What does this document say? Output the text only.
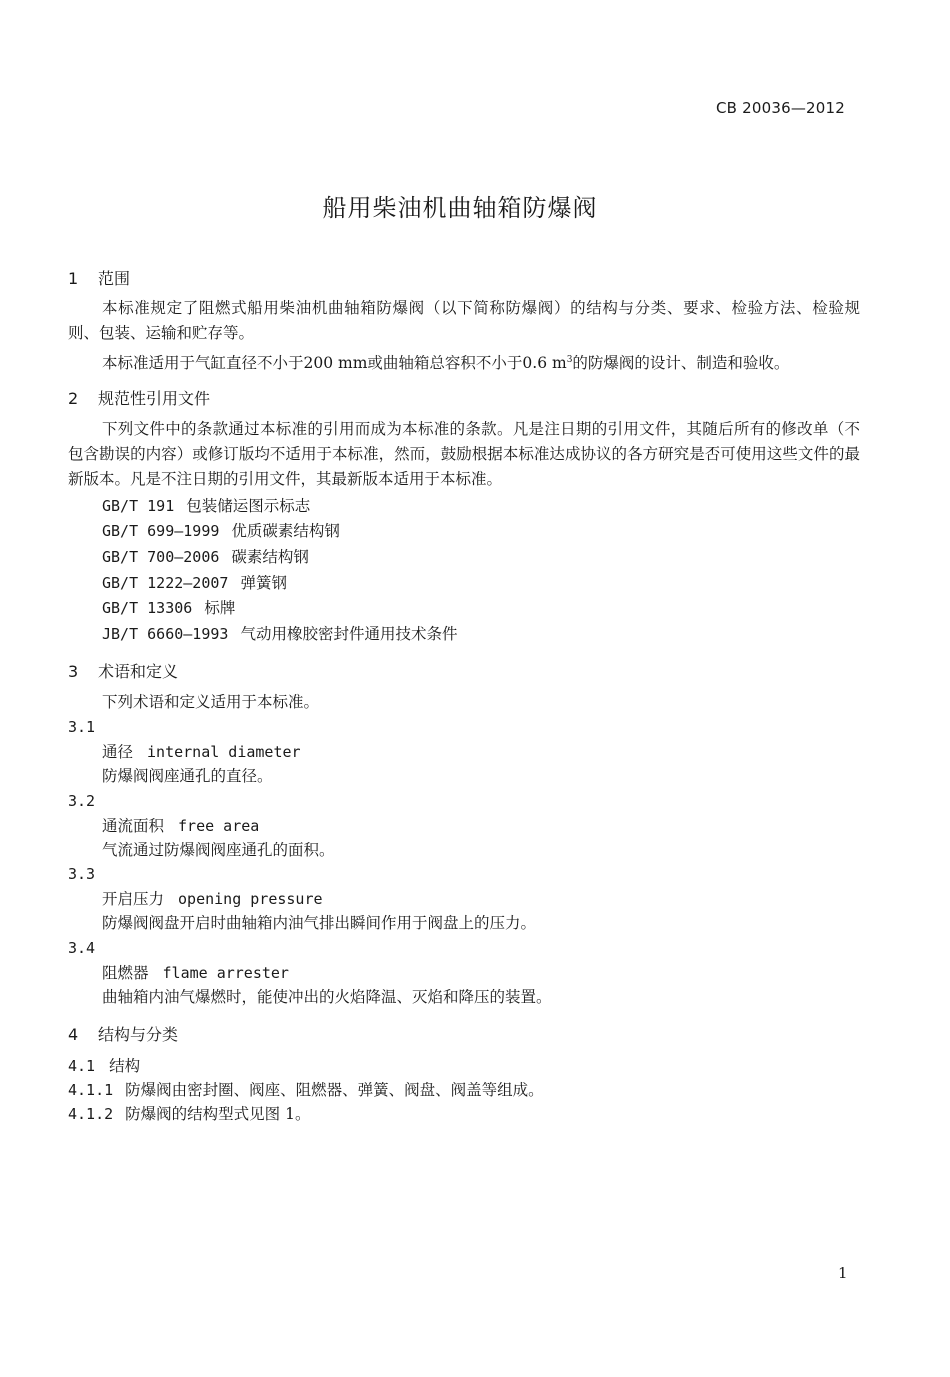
CB 20036—2012
船用柴油机曲轴箱防爆阀
1 范围
本标准规定了阻燃式船用柴油机曲轴箱防爆阀（以下简称防爆阀）的结构与分类、要求、检验方法、检验规则、包装、运输和贮存等。
本标准适用于气缸直径不小于200 mm或曲轴箱总容积不小于0.6 $m^3$的防爆阀的设计、制造和验收。
2 规范性引用文件
下列文件中的条款通过本标准的引用而成为本标准的条款。凡是注日期的引用文件，其随后所有的修改单（不包含勘误的内容）或修订版均不适用于本标准，然而，鼓励根据本标准达成协议的各方研究是否可使用这些文件的最新版本。凡是不注日期的引用文件，其最新版本适用于本标准。
GB/T 191 包装储运图示标志
GB/T 699—1999 优质碳素结构钢
GB/T 700—2006 碳素结构钢
GB/T 1222—2007 弹簧钢
GB/T 13306 标牌
JB/T 6660—1993 气动用橡胶密封件通用技术条件
3 术语和定义
下列术语和定义适用于本标准。
3.1
通径 internal diameter
防爆阀阀座通孔的直径。
3.2
通流面积 free area
气流通过防爆阀阀座通孔的面积。
3.3
开启压力 opening pressure
防爆阀阀盘开启时曲轴箱内油气排出瞬间作用于阀盘上的压力。
3.4
阻燃器 flame arrester
曲轴箱内油气爆燃时，能使冲出的火焰降温、灭焰和降压的装置。
4 结构与分类
4.1 结构
4.1.1 防爆阀由密封圈、阀座、阻燃器、弹簧、阀盘、阀盖等组成。
4.1.2 防爆阀的结构型式见图 1。
1
